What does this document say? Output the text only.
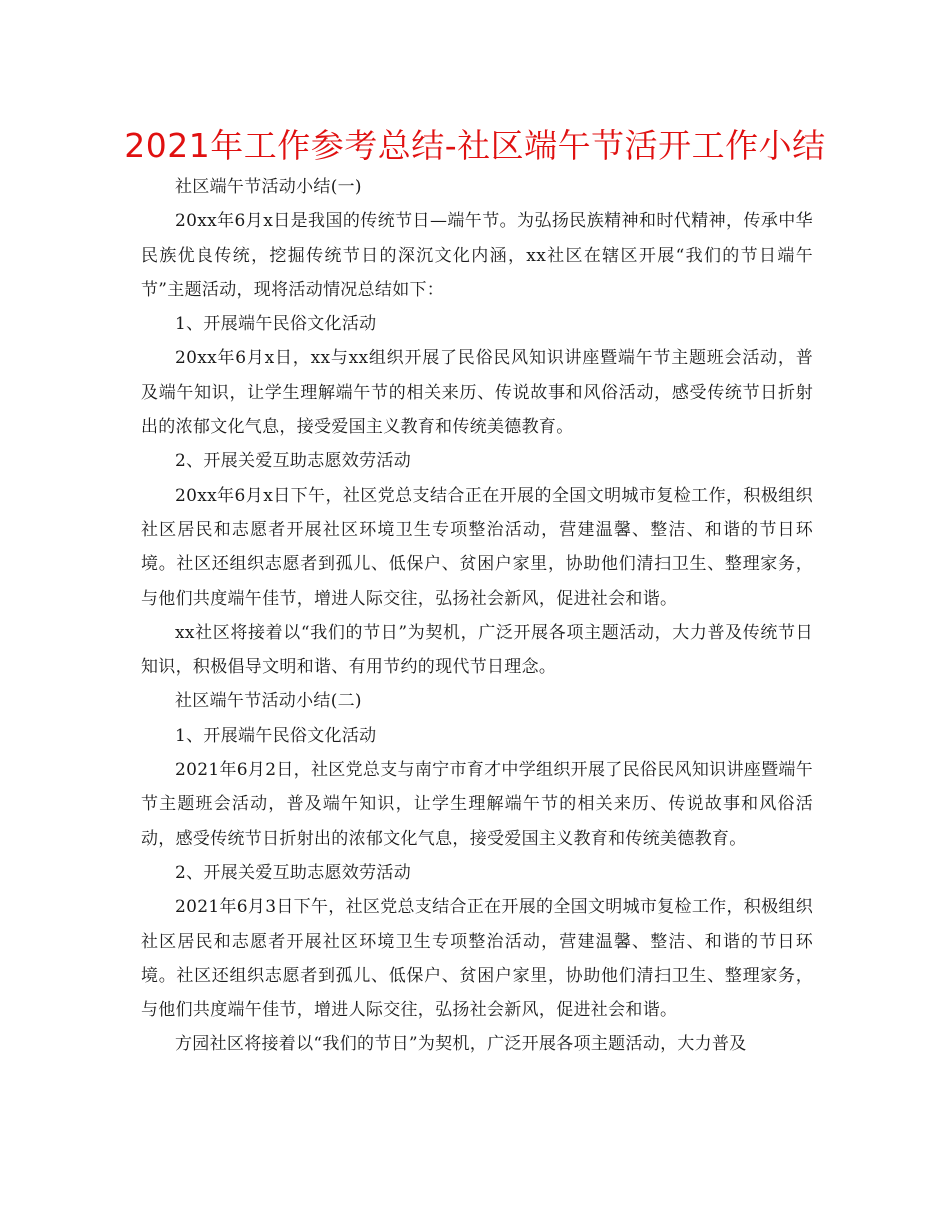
2021年工作参考总结-社区端午节活开工作小结

社区端午节活动小结(一)

20xx年6月x日是我国的传统节日—端午节。为弘扬民族精神和时代精神，传承中华民族优良传统，挖掘传统节日的深沉文化内涵，xx社区在辖区开展“我们的节日端午节”主题活动，现将活动情况总结如下：

1、开展端午民俗文化活动

20xx年6月x日，xx与xx组织开展了民俗民风知识讲座暨端午节主题班会活动，普及端午知识，让学生理解端午节的相关来历、传说故事和风俗活动，感受传统节日折射出的浓郁文化气息，接受爱国主义教育和传统美德教育。

2、开展关爱互助志愿效劳活动

20xx年6月x日下午，社区党总支结合正在开展的全国文明城市复检工作，积极组织社区居民和志愿者开展社区环境卫生专项整治活动，营建温馨、整洁、和谐的节日环境。社区还组织志愿者到孤儿、低保户、贫困户家里，协助他们清扫卫生、整理家务，与他们共度端午佳节，增进人际交往，弘扬社会新风，促进社会和谐。

xx社区将接着以“我们的节日”为契机，广泛开展各项主题活动，大力普及传统节日知识，积极倡导文明和谐、有用节约的现代节日理念。

社区端午节活动小结(二)

1、开展端午民俗文化活动

2021年6月2日，社区党总支与南宁市育才中学组织开展了民俗民风知识讲座暨端午节主题班会活动，普及端午知识，让学生理解端午节的相关来历、传说故事和风俗活动，感受传统节日折射出的浓郁文化气息，接受爱国主义教育和传统美德教育。

2、开展关爱互助志愿效劳活动

2021年6月3日下午，社区党总支结合正在开展的全国文明城市复检工作，积极组织社区居民和志愿者开展社区环境卫生专项整治活动，营建温馨、整洁、和谐的节日环境。社区还组织志愿者到孤儿、低保户、贫困户家里，协助他们清扫卫生、整理家务，与他们共度端午佳节，增进人际交往，弘扬社会新风，促进社会和谐。

方园社区将接着以“我们的节日”为契机，广泛开展各项主题活动，大力普及
